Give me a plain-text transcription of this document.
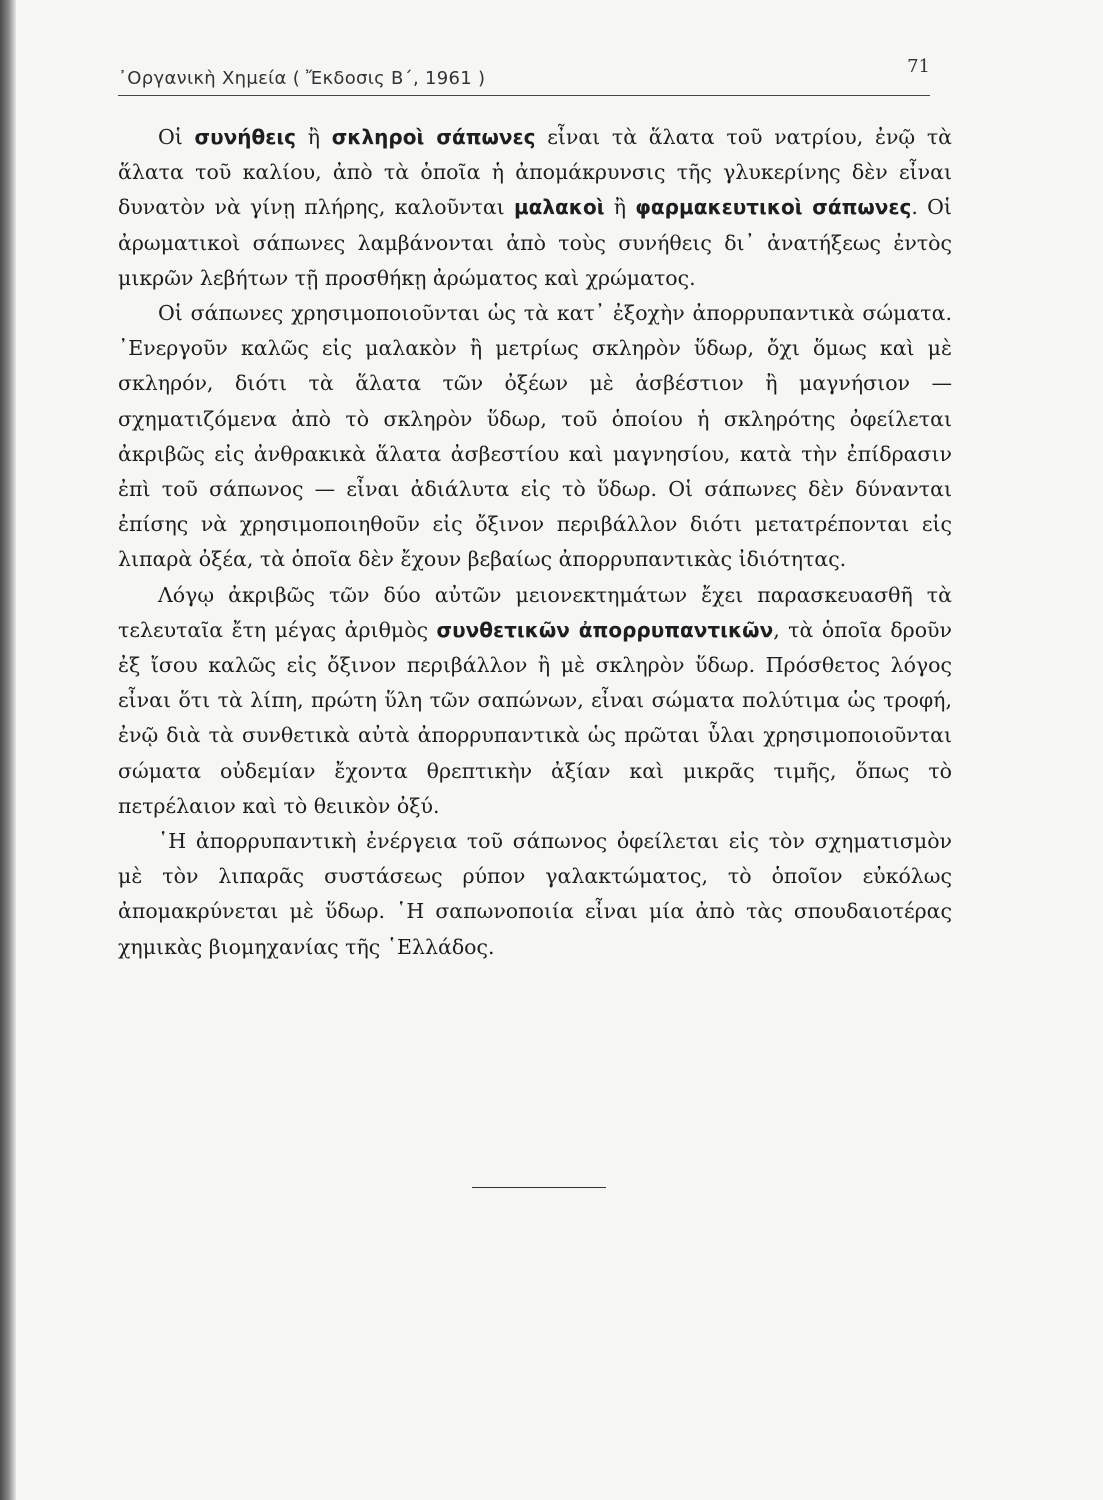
᾿Οργανικὴ Χημεία ( Ἔκδοσις Β΄, 1961 )
71

Οἱ συνήθεις ἢ σκληροὶ σάπωνες εἶναι τὰ ἅλατα τοῦ νατρίου, ἐνῷ τὰ ἅλατα τοῦ καλίου, ἀπὸ τὰ ὁποῖα ἡ ἀπομάκρυνσις τῆς γλυκερίνης δὲν εἶναι δυνατὸν νὰ γίνῃ πλήρης, καλοῦνται μαλακοὶ ἢ φαρμακευτικοὶ σάπωνες. Οἱ ἀρωματικοὶ σάπωνες λαμβάνονται ἀπὸ τοὺς συνήθεις δι᾿ ἀνατήξεως ἐντὸς μικρῶν λεβήτων τῇ προσθήκῃ ἀρώματος καὶ χρώματος.

Οἱ σάπωνες χρησιμοποιοῦνται ὡς τὰ κατ᾿ ἐξοχὴν ἀπορρυπαντικὰ σώματα. ᾿Ενεργοῦν καλῶς εἰς μαλακὸν ἢ μετρίως σκληρὸν ὕδωρ, ὄχι ὅμως καὶ μὲ σκληρόν, διότι τὰ ἅλατα τῶν ὀξέων μὲ ἀσβέστιον ἢ μαγνήσιον — σχηματιζόμενα ἀπὸ τὸ σκληρὸν ὕδωρ, τοῦ ὁποίου ἡ σκληρότης ὀφείλεται ἀκριβῶς εἰς ἀνθρακικὰ ἅλατα ἀσβεστίου καὶ μαγνησίου, κατὰ τὴν ἐπίδρασιν ἐπὶ τοῦ σάπωνος — εἶναι ἀδιάλυτα εἰς τὸ ὕδωρ. Οἱ σάπωνες δὲν δύνανται ἐπίσης νὰ χρησιμοποιηθοῦν εἰς ὄξινον περιβάλλον διότι μετατρέπονται εἰς λιπαρὰ ὀξέα, τὰ ὁποῖα δὲν ἔχουν βεβαίως ἀπορρυπαντικὰς ἰδιότητας.

Λόγῳ ἀκριβῶς τῶν δύο αὐτῶν μειονεκτημάτων ἔχει παρασκευασθῆ τὰ τελευταῖα ἔτη μέγας ἀριθμὸς συνθετικῶν ἀπορρυπαντικῶν, τὰ ὁποῖα δροῦν ἐξ ἴσου καλῶς εἰς ὄξινον περιβάλλον ἢ μὲ σκληρὸν ὕδωρ. Πρόσθετος λόγος εἶναι ὅτι τὰ λίπη, πρώτη ὕλη τῶν σαπώνων, εἶναι σώματα πολύτιμα ὡς τροφή, ἐνῷ διὰ τὰ συνθετικὰ αὐτὰ ἀπορρυπαντικὰ ὡς πρῶται ὗλαι χρησιμοποιοῦνται σώματα οὐδεμίαν ἔχοντα θρεπτικὴν ἀξίαν καὶ μικρᾶς τιμῆς, ὅπως τὸ πετρέλαιον καὶ τὸ θειικὸν ὀξύ.

῾Η ἀπορρυπαντικὴ ἐνέργεια τοῦ σάπωνος ὀφείλεται εἰς τὸν σχηματισμὸν μὲ τὸν λιπαρᾶς συστάσεως ρύπον γαλακτώματος, τὸ ὁποῖον εὐκόλως ἀπομακρύνεται μὲ ὕδωρ. ῾Η σαπωνοποιία εἶναι μία ἀπὸ τὰς σπουδαιοτέρας χημικὰς βιομηχανίας τῆς ῾Ελλάδος.
